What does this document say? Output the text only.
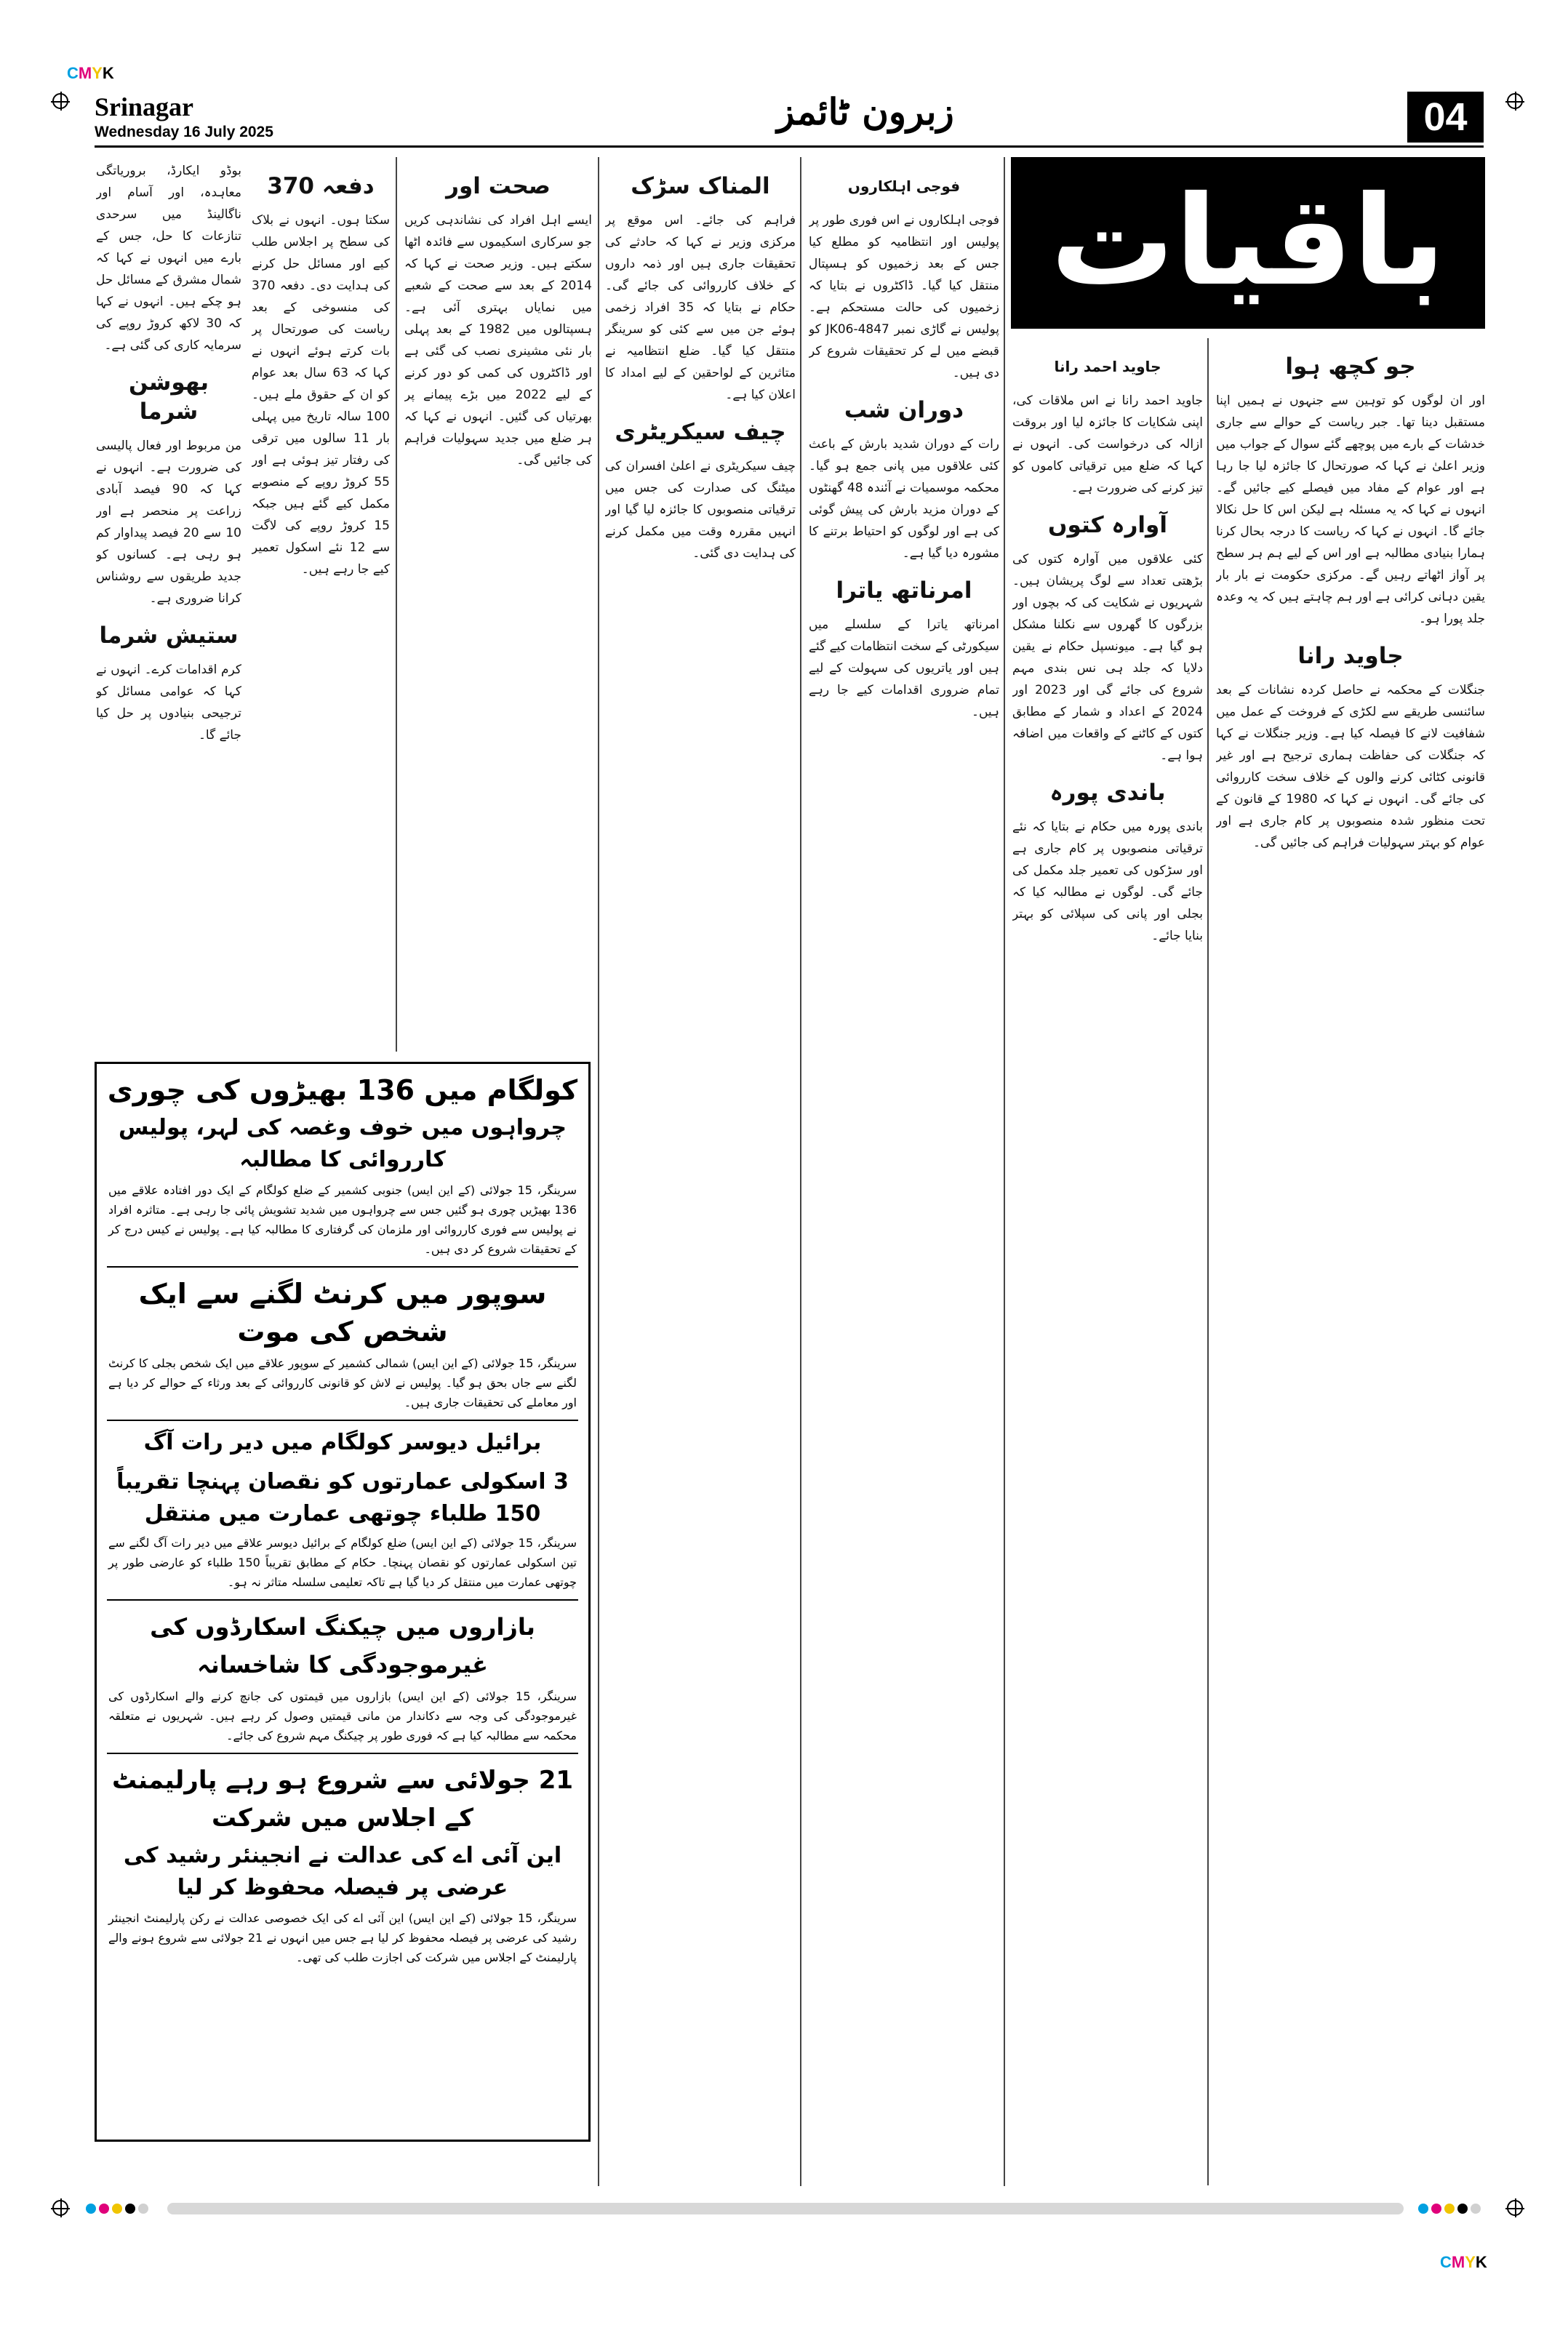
CMYK
CMYK
Srinagar
Wednesday 16 July 2025	زبرون ٹائمز	04
باقیات
جو کچھ ہوا
اور ان لوگوں کو توہین سے جنہوں نے ہمیں اپنا مستقبل دینا تھا۔ جبر ریاست کے حوالے سے جاری خدشات کے بارے میں پوچھے گئے سوال کے جواب میں وزیر اعلیٰ نے کہا کہ صورتحال کا جائزہ لیا جا رہا ہے اور عوام کے مفاد میں فیصلے کیے جائیں گے۔ انہوں نے کہا کہ یہ مسئلہ ہے لیکن اس کا حل نکالا جائے گا۔ انہوں نے کہا کہ ریاست کا درجہ بحال کرنا ہمارا بنیادی مطالبہ ہے اور اس کے لیے ہم ہر سطح پر آواز اٹھاتے رہیں گے۔ مرکزی حکومت نے بار بار یقین دہانی کرائی ہے اور ہم چاہتے ہیں کہ یہ وعدہ جلد پورا ہو۔
جاوید رانا
جنگلات کے محکمہ نے حاصل کردہ نشانات کے بعد سائنسی طریقے سے لکڑی کے فروخت کے عمل میں شفافیت لانے کا فیصلہ کیا ہے۔ وزیر جنگلات نے کہا کہ جنگلات کی حفاظت ہماری ترجیح ہے اور غیر قانونی کٹائی کرنے والوں کے خلاف سخت کارروائی کی جائے گی۔ انہوں نے کہا کہ 1980 کے قانون کے تحت منظور شدہ منصوبوں پر کام جاری ہے اور عوام کو بہتر سہولیات فراہم کی جائیں گی۔
جاوید احمد رانا
جاوید احمد رانا نے اس ملاقات کی، اپنی شکایات کا جائزہ لیا اور بروقت ازالہ کی درخواست کی۔ انہوں نے کہا کہ ضلع میں ترقیاتی کاموں کو تیز کرنے کی ضرورت ہے۔
آوارہ کتوں
کئی علاقوں میں آوارہ کتوں کی بڑھتی تعداد سے لوگ پریشان ہیں۔ شہریوں نے شکایت کی کہ بچوں اور بزرگوں کا گھروں سے نکلنا مشکل ہو گیا ہے۔ میونسپل حکام نے یقین دلایا کہ جلد ہی نس بندی مہم شروع کی جائے گی اور 2023 اور 2024 کے اعداد و شمار کے مطابق کتوں کے کاٹنے کے واقعات میں اضافہ ہوا ہے۔
باندی پورہ
باندی پورہ میں حکام نے بتایا کہ نئے ترقیاتی منصوبوں پر کام جاری ہے اور سڑکوں کی تعمیر جلد مکمل کی جائے گی۔ لوگوں نے مطالبہ کیا کہ بجلی اور پانی کی سپلائی کو بہتر بنایا جائے۔
فوجی اہلکاروں
فوجی اہلکاروں نے اس فوری طور پر پولیس اور انتظامیہ کو مطلع کیا جس کے بعد زخمیوں کو ہسپتال منتقل کیا گیا۔ ڈاکٹروں نے بتایا کہ زخمیوں کی حالت مستحکم ہے۔ پولیس نے گاڑی نمبر JK06-4847 کو قبضے میں لے کر تحقیقات شروع کر دی ہیں۔
دوران شب
رات کے دوران شدید بارش کے باعث کئی علاقوں میں پانی جمع ہو گیا۔ محکمہ موسمیات نے آئندہ 48 گھنٹوں کے دوران مزید بارش کی پیش گوئی کی ہے اور لوگوں کو احتیاط برتنے کا مشورہ دیا گیا ہے۔
امرناتھ یاترا
امرناتھ یاترا کے سلسلے میں سیکورٹی کے سخت انتظامات کیے گئے ہیں اور یاتریوں کی سہولت کے لیے تمام ضروری اقدامات کیے جا رہے ہیں۔
المناک سڑک
فراہم کی جائے۔ اس موقع پر مرکزی وزیر نے کہا کہ حادثے کی تحقیقات جاری ہیں اور ذمہ داروں کے خلاف کارروائی کی جائے گی۔ حکام نے بتایا کہ 35 افراد زخمی ہوئے جن میں سے کئی کو سرینگر منتقل کیا گیا۔ ضلع انتظامیہ نے متاثرین کے لواحقین کے لیے امداد کا اعلان کیا ہے۔
چیف سیکریٹری
چیف سیکریٹری نے اعلیٰ افسران کی میٹنگ کی صدارت کی جس میں ترقیاتی منصوبوں کا جائزہ لیا گیا اور انہیں مقررہ وقت میں مکمل کرنے کی ہدایت دی گئی۔
صحت اور
ایسے اہل افراد کی نشاندہی کریں جو سرکاری اسکیموں سے فائدہ اٹھا سکتے ہیں۔ وزیر صحت نے کہا کہ 2014 کے بعد سے صحت کے شعبے میں نمایاں بہتری آئی ہے۔ ہسپتالوں میں 1982 کے بعد پہلی بار نئی مشینری نصب کی گئی ہے اور ڈاکٹروں کی کمی کو دور کرنے کے لیے 2022 میں بڑے پیمانے پر بھرتیاں کی گئیں۔ انہوں نے کہا کہ ہر ضلع میں جدید سہولیات فراہم کی جائیں گی۔
دفعہ 370
سکتا ہوں۔ انہوں نے بلاک کی سطح پر اجلاس طلب کیے اور مسائل حل کرنے کی ہدایت دی۔ دفعہ 370 کی منسوخی کے بعد ریاست کی صورتحال پر بات کرتے ہوئے انہوں نے کہا کہ 63 سال بعد عوام کو ان کے حقوق ملے ہیں۔ 100 سالہ تاریخ میں پہلی بار 11 سالوں میں ترقی کی رفتار تیز ہوئی ہے اور 55 کروڑ روپے کے منصوبے مکمل کیے گئے ہیں جبکہ 15 کروڑ روپے کی لاگت سے 12 نئے اسکول تعمیر کیے جا رہے ہیں۔
بوڈو ایکارڈ، بروریاتگی معاہدہ، اور آسام اور ناگالینڈ میں سرحدی تنازعات کا حل، جس کے بارے میں انہوں نے کہا کہ شمال مشرق کے مسائل حل ہو چکے ہیں۔ انہوں نے کہا کہ 30 لاکھ کروڑ روپے کی سرمایہ کاری کی گئی ہے۔
بھوشن شرما
من مربوط اور فعال پالیسی کی ضرورت ہے۔ انہوں نے کہا کہ 90 فیصد آبادی زراعت پر منحصر ہے اور 10 سے 20 فیصد پیداوار کم ہو رہی ہے۔ کسانوں کو جدید طریقوں سے روشناس کرانا ضروری ہے۔
ستیش شرما
کرم اقدامات کرے۔ انہوں نے کہا کہ عوامی مسائل کو ترجیحی بنیادوں پر حل کیا جائے گا۔
کولگام میں 136 بھیڑوں کی چوری
چرواہوں میں خوف وغصہ کی لہر، پولیس کارروائی کا مطالبہ
سرینگر، 15 جولائی (کے این ایس) جنوبی کشمیر کے ضلع کولگام کے ایک دور افتادہ علاقے میں 136 بھیڑیں چوری ہو گئیں جس سے چرواہوں میں شدید تشویش پائی جا رہی ہے۔ متاثرہ افراد نے پولیس سے فوری کارروائی اور ملزمان کی گرفتاری کا مطالبہ کیا ہے۔ پولیس نے کیس درج کر کے تحقیقات شروع کر دی ہیں۔
سوپور میں کرنٹ لگنے سے ایک شخص کی موت
سرینگر، 15 جولائی (کے این ایس) شمالی کشمیر کے سوپور علاقے میں ایک شخص بجلی کا کرنٹ لگنے سے جاں بحق ہو گیا۔ پولیس نے لاش کو قانونی کارروائی کے بعد ورثاء کے حوالے کر دیا ہے اور معاملے کی تحقیقات جاری ہیں۔
برائیل دیوسر کولگام میں دیر رات آگ
3 اسکولی عمارتوں کو نقصان پہنچا تقریباً 150 طلباء چوتھی عمارت میں منتقل
سرینگر، 15 جولائی (کے این ایس) ضلع کولگام کے برائیل دیوسر علاقے میں دیر رات آگ لگنے سے تین اسکولی عمارتوں کو نقصان پہنچا۔ حکام کے مطابق تقریباً 150 طلباء کو عارضی طور پر چوتھی عمارت میں منتقل کر دیا گیا ہے تاکہ تعلیمی سلسلہ متاثر نہ ہو۔
بازاروں میں چیکنگ اسکارڈوں کی غیرموجودگی کا شاخسانہ
سرینگر، 15 جولائی (کے این ایس) بازاروں میں قیمتوں کی جانچ کرنے والے اسکارڈوں کی غیرموجودگی کی وجہ سے دکاندار من مانی قیمتیں وصول کر رہے ہیں۔ شہریوں نے متعلقہ محکمہ سے مطالبہ کیا ہے کہ فوری طور پر چیکنگ مہم شروع کی جائے۔
21 جولائی سے شروع ہو رہے پارلیمنٹ کے اجلاس میں شرکت
این آئی اے کی عدالت نے انجینئر رشید کی عرضی پر فیصلہ محفوظ کر لیا
سرینگر، 15 جولائی (کے این ایس) این آئی اے کی ایک خصوصی عدالت نے رکن پارلیمنٹ انجینئر رشید کی عرضی پر فیصلہ محفوظ کر لیا ہے جس میں انہوں نے 21 جولائی سے شروع ہونے والے پارلیمنٹ کے اجلاس میں شرکت کی اجازت طلب کی تھی۔
